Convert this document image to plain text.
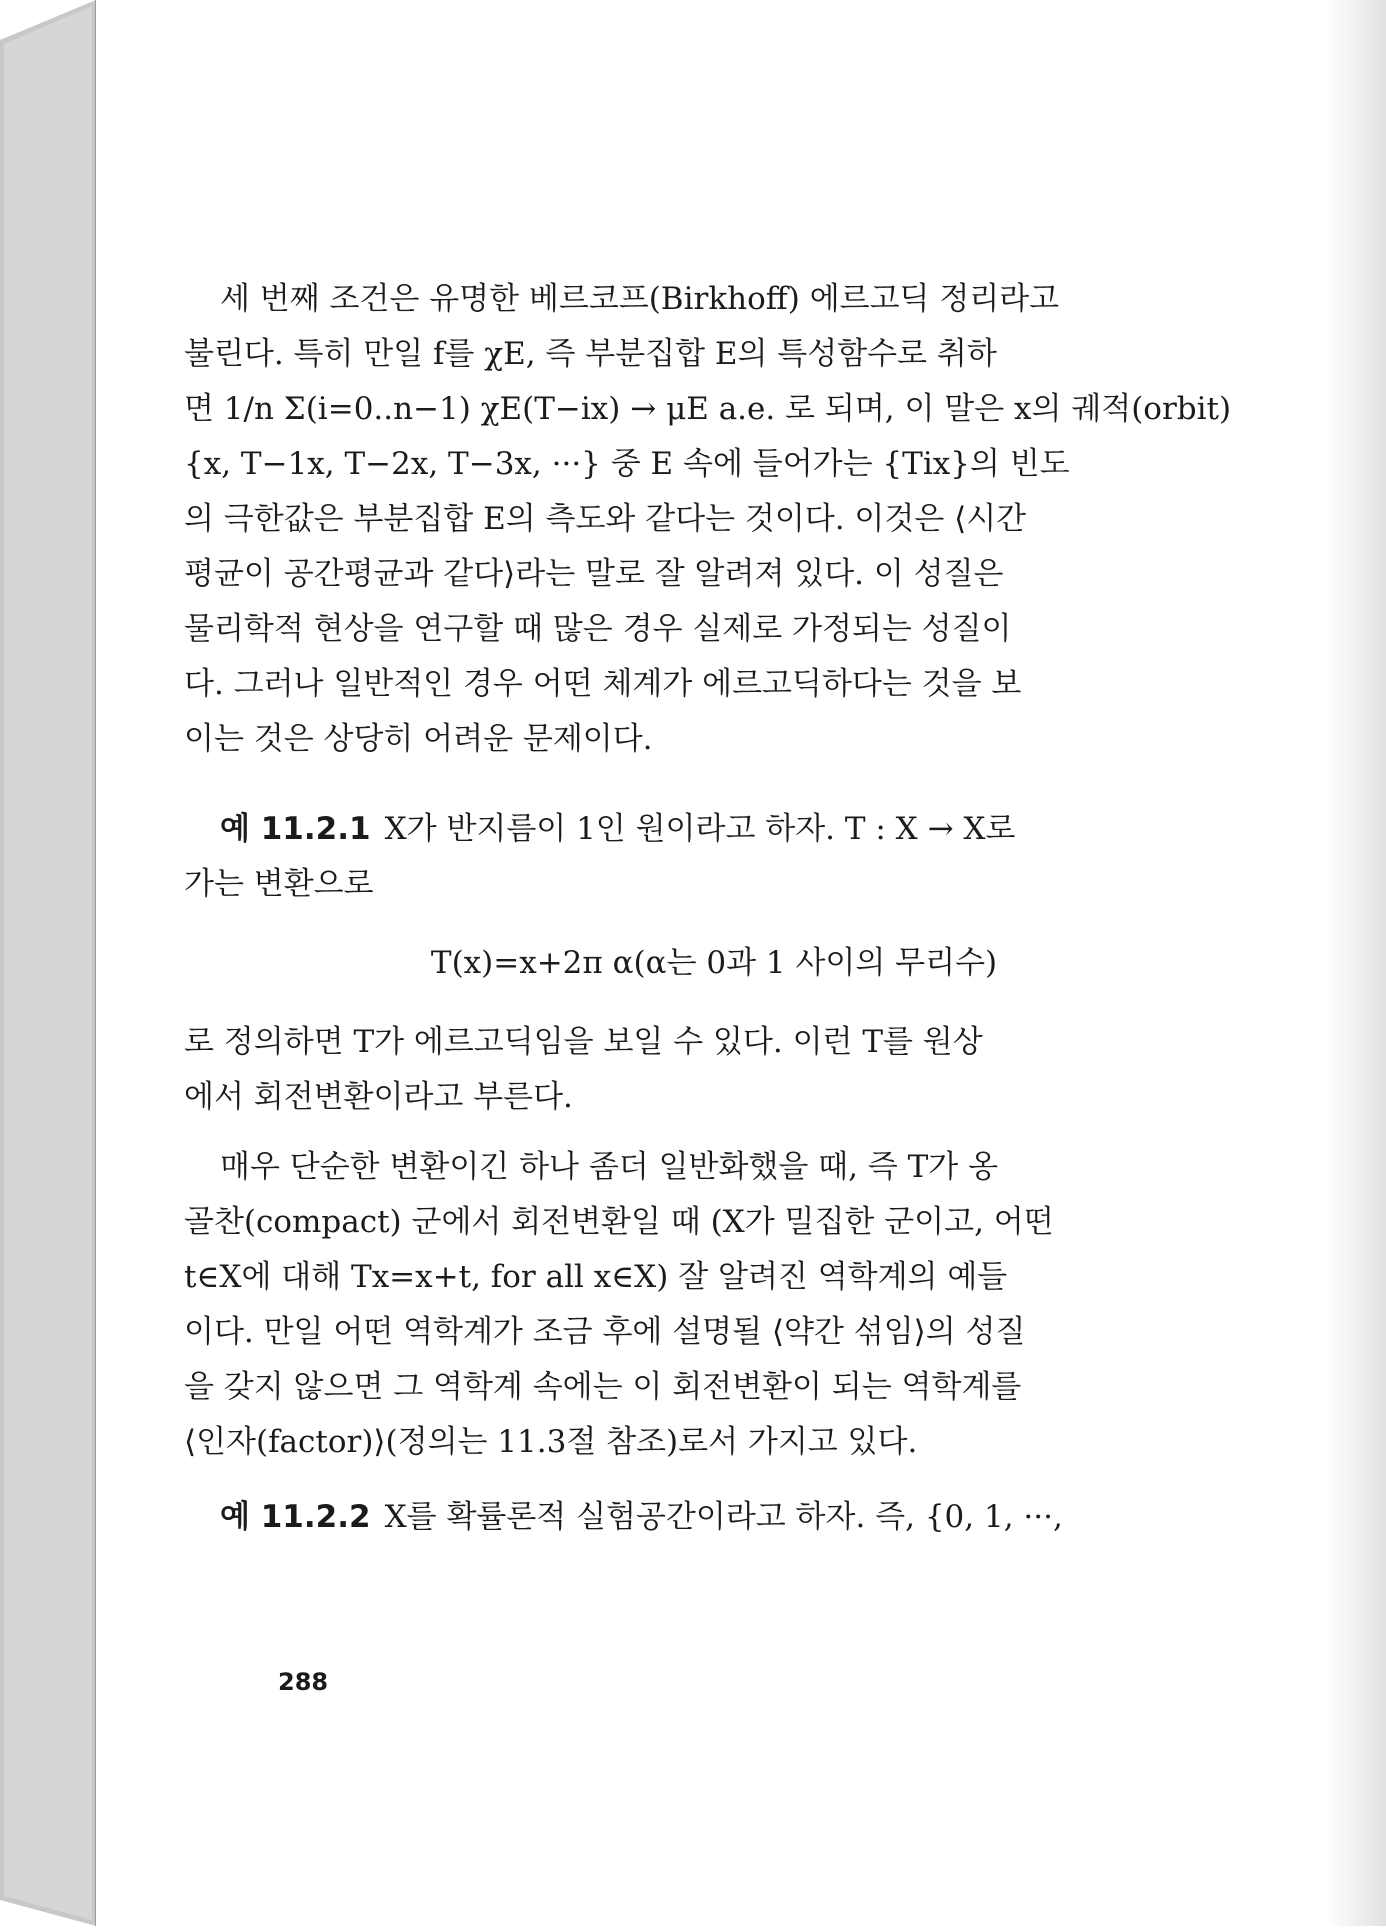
세 번째 조건은 유명한 베르코프(Birkhoff) 에르고딕 정리라고
불린다. 특히 만일 f를 χE, 즉 부분집합 E의 특성함수로 취하
면 1/n Σ(i=0..n−1) χE(T−ix) → μE a.e. 로 되며, 이 말은 x의 궤적(orbit)
{x, T−1x, T−2x, T−3x, ···} 중 E 속에 들어가는 {Tix}의 빈도
의 극한값은 부분집합 E의 측도와 같다는 것이다. 이것은 ⟨시간
평균이 공간평균과 같다⟩라는 말로 잘 알려져 있다. 이 성질은
물리학적 현상을 연구할 때 많은 경우 실제로 가정되는 성질이
다. 그러나 일반적인 경우 어떤 체계가 에르고딕하다는 것을 보
이는 것은 상당히 어려운 문제이다.
예 11.2.1 X가 반지름이 1인 원이라고 하자. T : X → X로
가는 변환으로
T(x)=x+2π α(α는 0과 1 사이의 무리수)
로 정의하면 T가 에르고딕임을 보일 수 있다. 이런 T를 원상
에서 회전변환이라고 부른다.
매우 단순한 변환이긴 하나 좀더 일반화했을 때, 즉 T가 옹
골찬(compact) 군에서 회전변환일 때 (X가 밀집한 군이고, 어떤
t∈X에 대해 Tx=x+t, for all x∈X) 잘 알려진 역학계의 예들
이다. 만일 어떤 역학계가 조금 후에 설명될 ⟨약간 섞임⟩의 성질
을 갖지 않으면 그 역학계 속에는 이 회전변환이 되는 역학계를
⟨인자(factor)⟩(정의는 11.3절 참조)로서 가지고 있다.
예 11.2.2 X를 확률론적 실험공간이라고 하자. 즉, {0, 1, ···,
288
